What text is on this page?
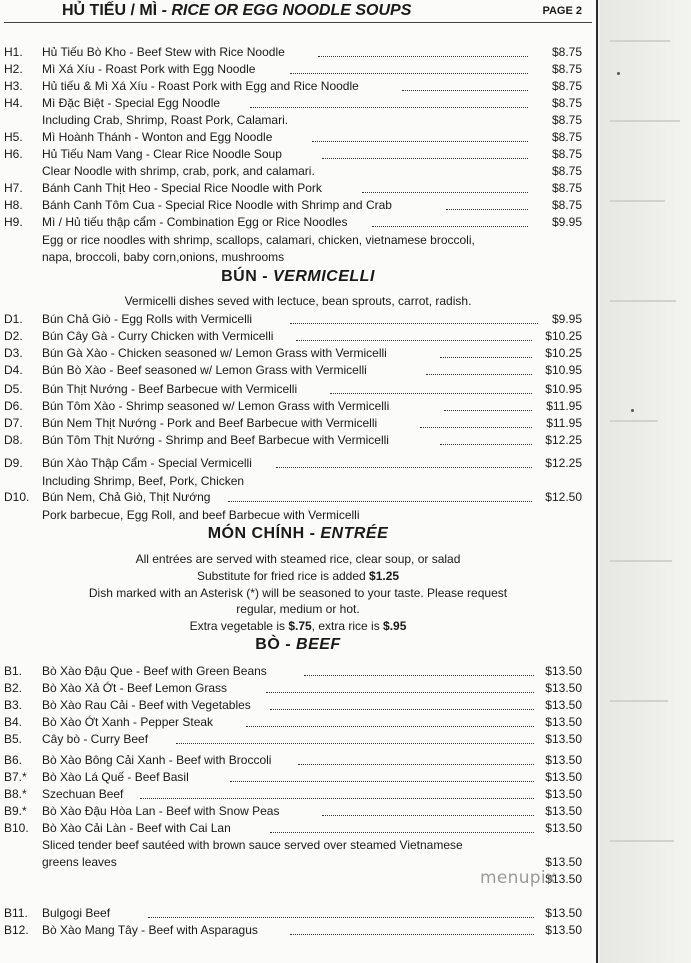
HỦ TIẾU / MÌ - RICE OR EGG NOODLE SOUPS	PAGE 2
H1. Hủ Tiếu Bò Kho - Beef Stew with Rice Noodle	$8.75
H2. Mì Xá Xíu - Roast Pork with Egg Noodle	$8.75
H3. Hủ tiếu & Mì Xá Xíu - Roast Pork with Egg and Rice Noodle	$8.75
H4. Mì Đặc Biệt - Special Egg Noodle	$8.75
Including Crab, Shrimp, Roast Pork, Calamari.	$8.75
H5. Mì Hoành Thánh - Wonton and Egg Noodle	$8.75
H6. Hủ Tiếu Nam Vang - Clear Rice Noodle Soup	$8.75
Clear Noodle with shrimp, crab, pork, and calamari.	$8.75
H7. Bánh Canh Thịt Heo - Special Rice Noodle with Pork	$8.75
H8. Bánh Canh Tôm Cua - Special Rice Noodle with Shrimp and Crab	$8.75
H9. Mì / Hủ tiếu thập cẩm - Combination Egg or Rice Noodles	$9.95
Egg or rice noodles with shrimp, scallops, calamari, chicken, vietnamese broccoli,
napa, broccoli, baby corn,onions, mushrooms
BÚN - VERMICELLI
Vermicelli dishes seved with lectuce, bean sprouts, carrot, radish.
D1. Bún Chả Giò - Egg Rolls with Vermicelli	$9.95
D2. Bún Cây Gà - Curry Chicken with Vermicelli	$10.25
D3. Bún Gà Xào - Chicken seasoned w/ Lemon Grass with Vermicelli	$10.25
D4. Bún Bò Xào - Beef seasoned w/ Lemon Grass with Vermicelli	$10.95
D5. Bún Thịt Nướng - Beef Barbecue with Vermicelli	$10.95
D6. Bún Tôm Xào - Shrimp seasoned w/ Lemon Grass with Vermicelli	$11.95
D7. Bún Nem Thịt Nướng - Pork and Beef Barbecue with Vermicelli	$11.95
D8. Bún Tôm Thịt Nướng - Shrimp and Beef Barbecue with Vermicelli	$12.25
D9. Bún Xào Thập Cẩm - Special Vermicelli	$12.25
Including Shrimp, Beef, Pork, Chicken
D10. Bún Nem, Chả Giò, Thịt Nướng	$12.50
Pork barbecue, Egg Roll, and beef Barbecue with Vermicelli
MÓN CHÍNH - ENTRÉE
All entrées are served with steamed rice, clear soup, or salad
Substitute for fried rice is added $1.25
Dish marked with an Asterisk (*) will be seasoned to your taste. Please request
regular, medium or hot.
Extra vegetable is $.75, extra rice is $.95
BÒ - BEEF
B1. Bò Xào Đậu Que - Beef with Green Beans	$13.50
B2. Bò Xào Xả Ớt - Beef Lemon Grass	$13.50
B3. Bò Xào Rau Cải - Beef with Vegetables	$13.50
B4. Bò Xào Ớt Xanh - Pepper Steak	$13.50
B5. Cây bò - Curry Beef	$13.50
B6. Bò Xào Bông Cải Xanh - Beef with Broccoli	$13.50
B7.* Bò Xào Lá Quế - Beef Basil	$13.50
B8.* Szechuan Beef	$13.50
B9.* Bò Xào Đậu Hòa Lan - Beef with Snow Peas	$13.50
B10. Bò Xào Cải Làn - Beef with Cai Lan	$13.50
Sliced tender beef sautéed with brown sauce served over steamed Vietnamese
greens leaves	$13.50
$13.50
B11. Bulgogi Beef	$13.50
B12. Bò Xào Mang Tây - Beef with Asparagus	$13.50
menupix
